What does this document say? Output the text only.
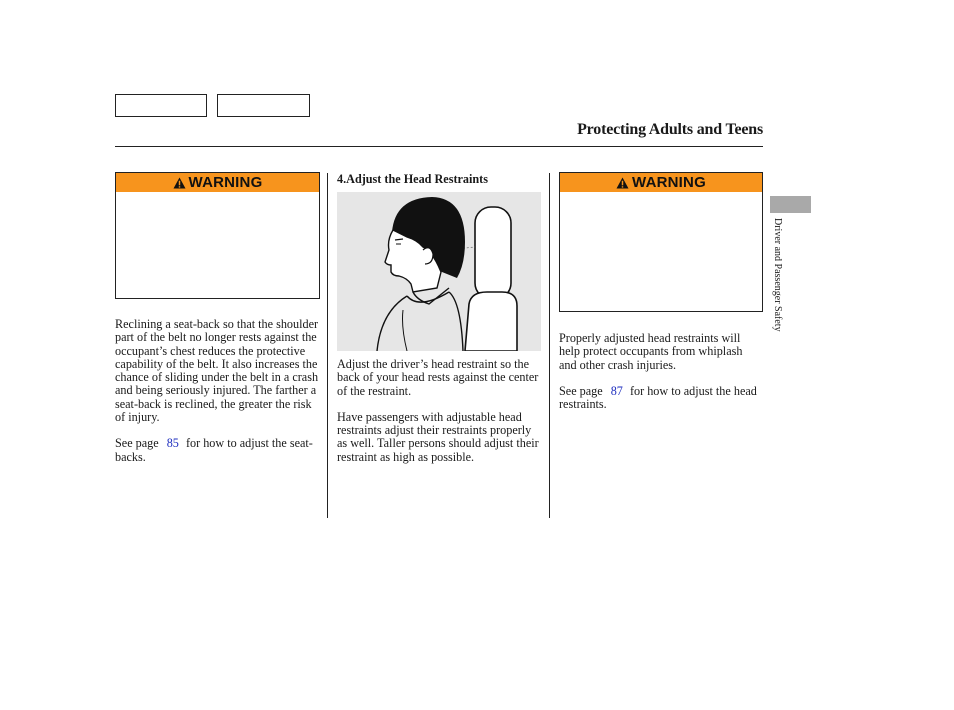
Protecting Adults and Teens
WARNING

Reclining a seat-back so that the shoulder part of the belt no longer rests against the occupant’s chest reduces the protective capability of the belt. It also increases the chance of sliding under the belt in a crash and being seriously injured. The farther a seat-back is reclined, the greater the risk of injury.

See page 85 for how to adjust the seat-backs.

4.Adjust the Head Restraints

Adjust the driver’s head restraint so the back of your head rests against the center of the restraint.

Have passengers with adjustable head restraints adjust their restraints properly as well. Taller persons should adjust their restraint as high as possible.

WARNING

Properly adjusted head restraints will help protect occupants from whiplash and other crash injuries.

See page 87 for how to adjust the head restraints.

Driver and Passenger Safety
